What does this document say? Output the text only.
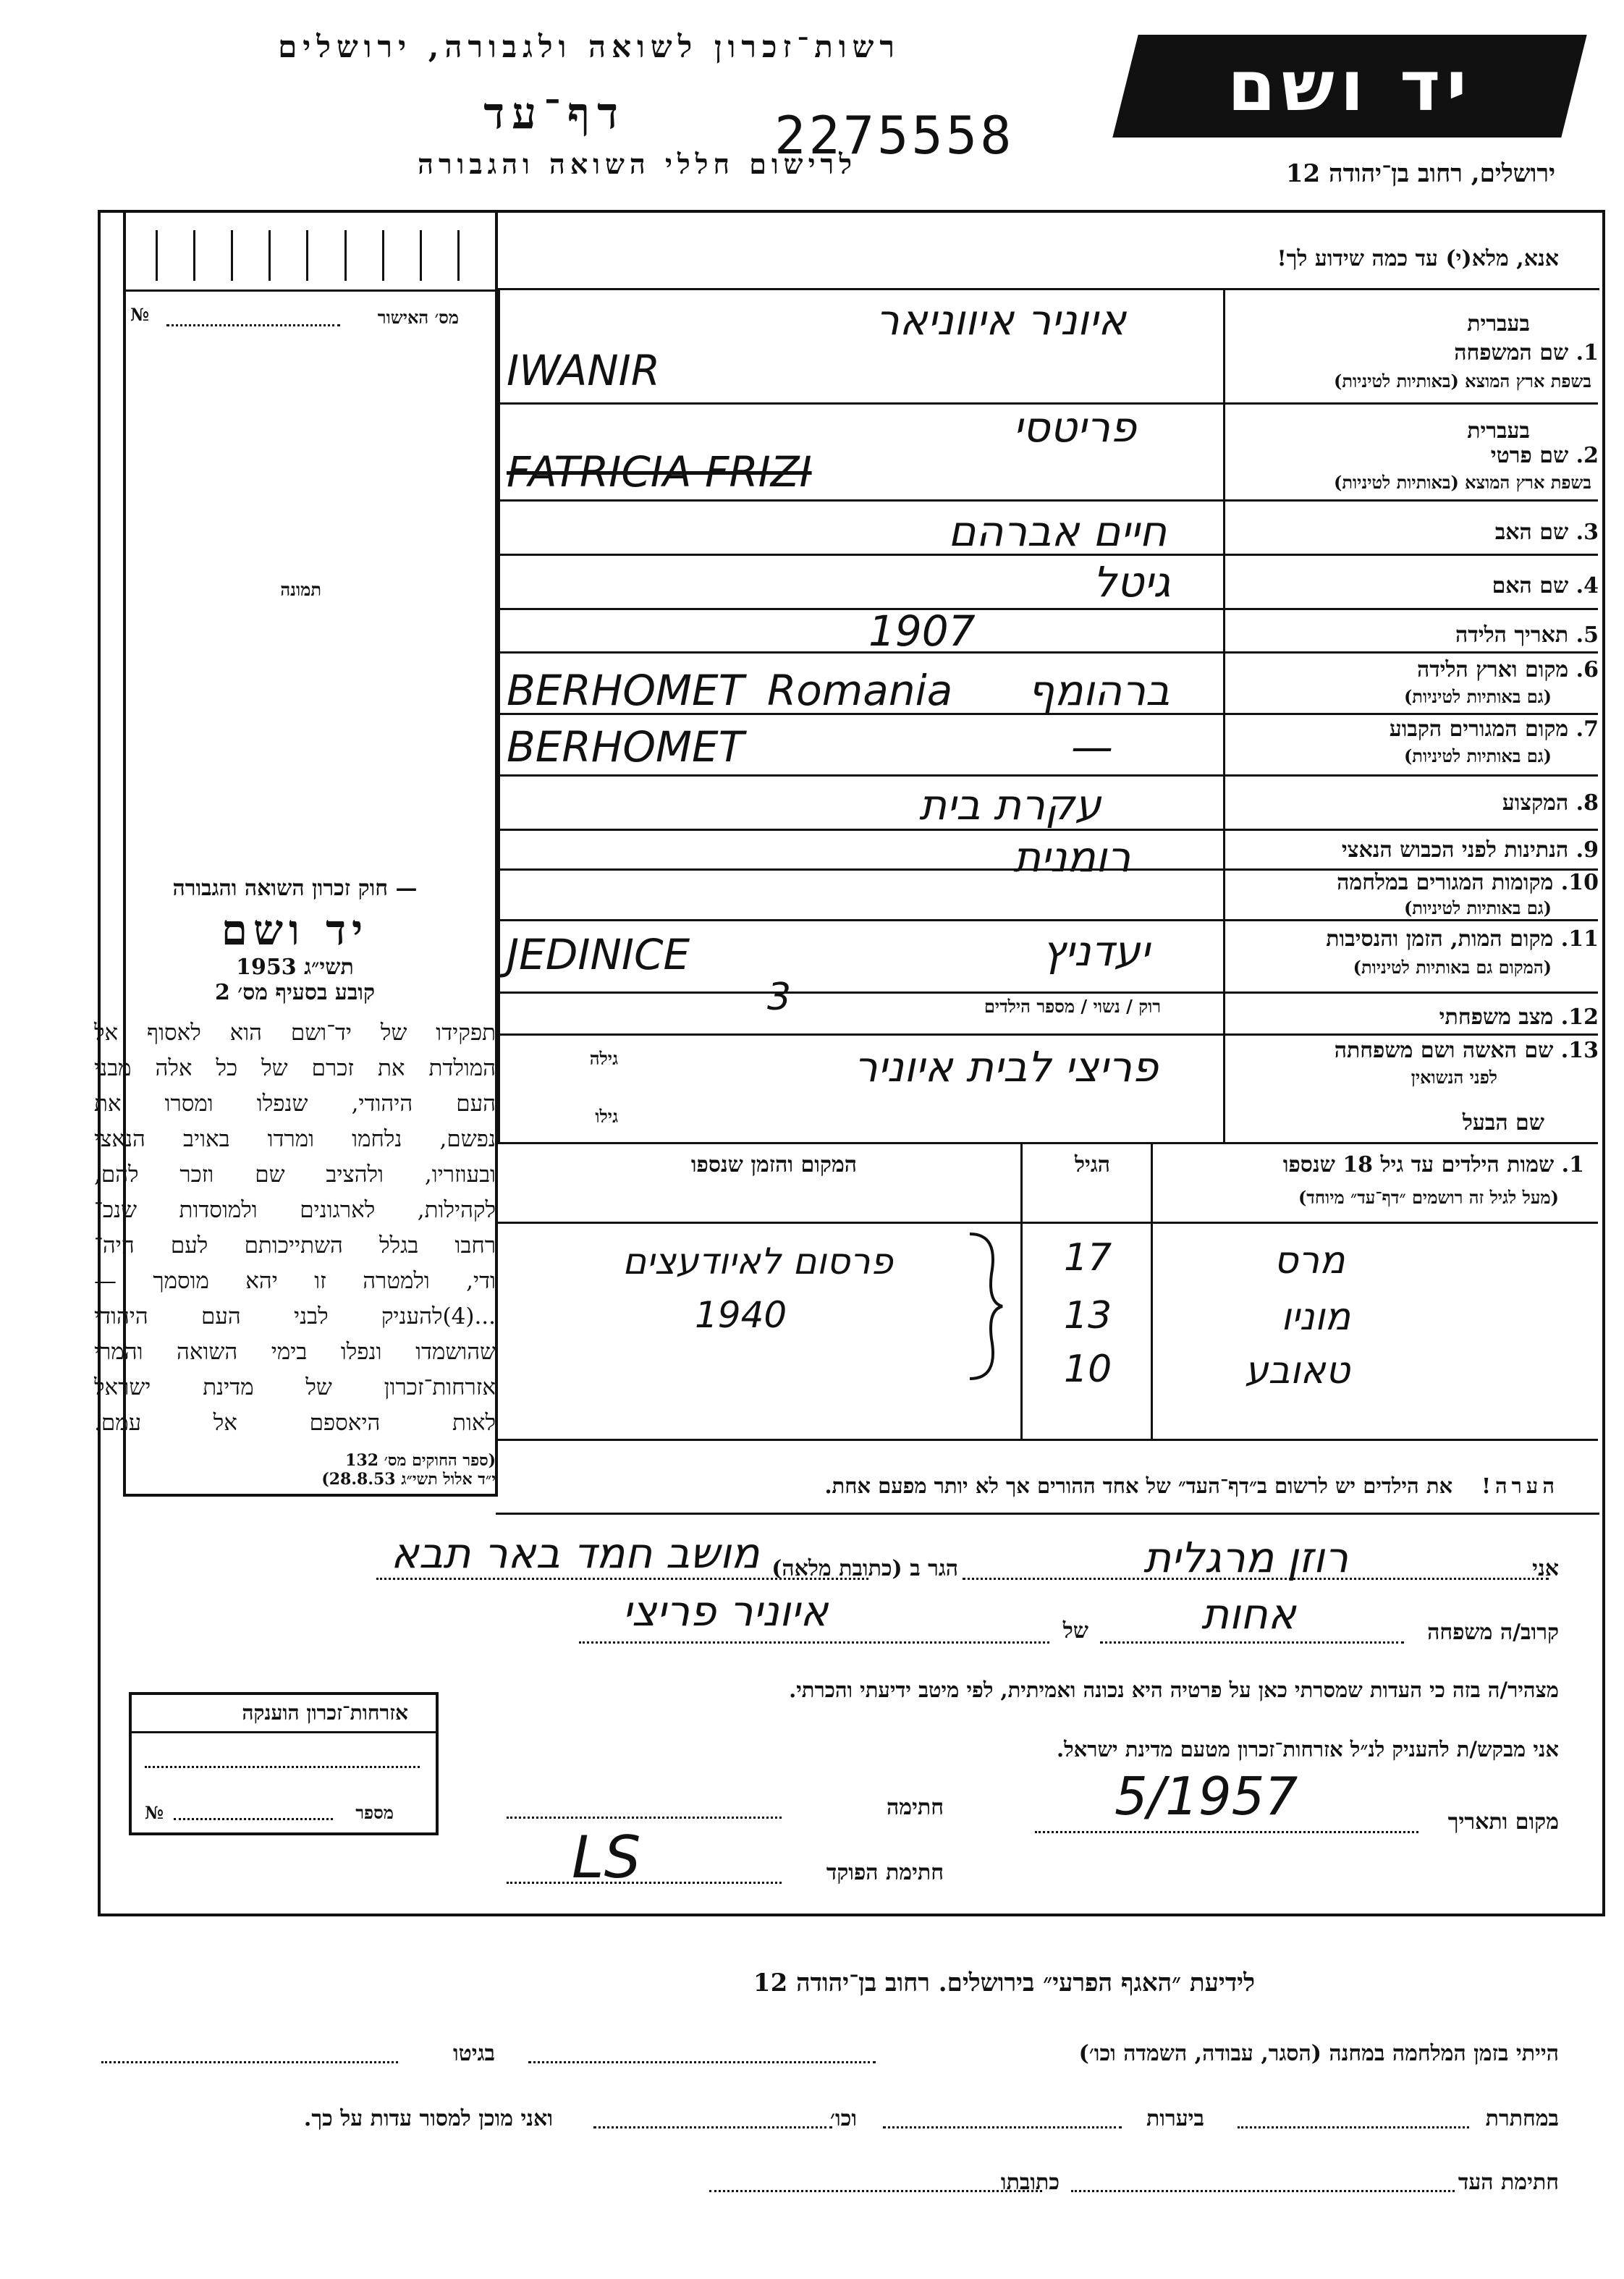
רשות־זכרון לשואה ולגבורה, ירושלים
דף־עד
לרישום חללי השואה והגבורה
2275558
יד ושם
ירושלים, רחוב בן־יהודה 12
מס׳ האישור
№
תמונה
— חוק זכרון השואה והגבורה
יד ושם
תשי״ג 1953
קובע בסעיף מס׳ 2

תפקידו של יד־ושם הוא לאסוף אל

המולדת את זכרם של כל אלה מבני

העם היהודי, שנפלו ומסרו את

נפשם, נלחמו ומרדו באויב הנאצי

ובעוזריו, ולהציב שם וזכר להם,

לקהילות, לארגונים ולמוסדות שנכ־

רחבו בגלל השתייכותם לעם היה־

ודי, ולמטרה זו יהא מוסמך —

...(4)להעניק לבני העם היהודי

שהושמדו ונפלו בימי השואה והמרי

אזרחות־זכרון של מדינת ישראל

לאות היאספם אל עמם.

(ספר החוקים מס׳ 132
י״ד אלול תשי״ג 28.8.53)
אנא, מלא(י) עד כמה שידוע לך!
בעברית
1. שם המשפחה
בשפת ארץ המוצא (באותיות לטיניות)
בעברית
2. שם פרטי
בשפת ארץ המוצא (באותיות לטיניות)
3. שם האב
4. שם האם
5. תאריך הלידה
6. מקום וארץ הלידה
(גם באותיות לטיניות)
7. מקום המגורים הקבוע
(גם באותיות לטיניות)
8. המקצוע
9. הנתינות לפני הכבוש הנאצי
10. מקומות המגורים במלחמה
(גם באותיות לטיניות)
11. מקום המות, הזמן והנסיבות
(המקום גם באותיות לטיניות)
12. מצב משפחתי
רוק / נשוי / מספר הילדים
13. שם האשה ושם משפחתה
לפני הנשואין
גילה
שם הבעל
גילו
איוניר איווניאר
IWANIR
פריטסי
FATRICIA FRIZI
חיים אברהם
גיטל
1907
BERHOMET Romania ברהומף
BERHOMET	—
עקרת בית
רומנית
JEDINICE	יעדניץ
3
פריצי לבית איוניר
1. שמות הילדים עד גיל 18 שנספו
(מעל לגיל זה רושמים ״דף־עד״ מיוחד)
הגיל
המקום והזמן שנספו
מרס
17
מוניו
13
טאובע
10
פרסום לאיודעצים
1940
הערה! את הילדים יש לרשום ב״דף־העד״ של אחד ההורים אך לא יותר מפעם אחת.
אני
רוזן מרגלית
הגר ב (כתובת מלאה)
מושב חמד באר תבא
קרוב/ה משפחה
אחות
של
איוניר פריצי
מצהיר/ה בזה כי העדות שמסרתי כאן על פרטיה היא נכונה ואמיתית, לפי מיטב ידיעתי והכרתי.
אני מבקש/ת להעניק לנ״ל אזרחות־זכרון מטעם מדינת ישראל.
מקום ותאריך
5/1957
חתימה
חתימת הפוקד
LS
אזרחות־זכרון הוענקה
מספר
№
לידיעת ״האגף הפרעי״ בירושלים. רחוב בן־יהודה 12
הייתי בזמן המלחמה במחנה (הסגר, עבודה, השמדה וכו׳)
בגיטו
במחתרת
ביערות
וכו׳
ואני מוכן למסור עדות על כך.
חתימת העד
כתובתו
